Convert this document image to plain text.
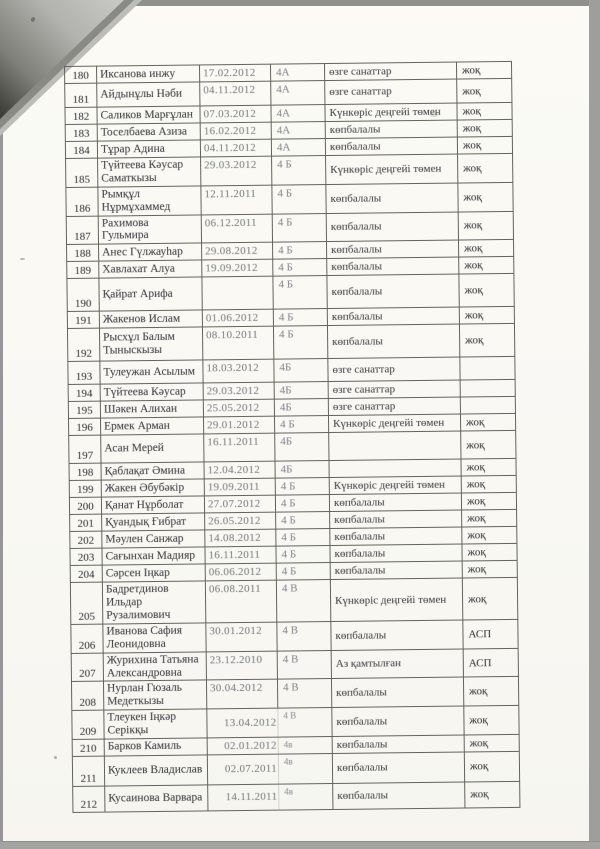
180	Иксанова инжу	17.02.2012	4А	өзге санаттар	жоқ
181	Айдынұлы Нәби	04.11.2012	4А	өзге санаттар	жоқ
182	Саликов Марғұлан	07.03.2012	4А	Күнкөріс деңгейі төмен	жоқ
183	Тоселбаева Азиза	16.02.2012	4А	көпбалалы	жоқ
184	Тұрар Адина	04.11.2012	4А	көпбалалы	жоқ
185	Түйтеева Кәусар Саматкызы	29.03.2012	4 Б	Күнкөріс деңгейі төмен	жоқ
186	Рымқұл Нұрмұхаммед	12.11.2011	4 Б	көпбалалы	жоқ
187	Рахимова Гульмира	06.12.2011	4 Б	көпбалалы	жоқ
188	Анес Гүлжауһар	29.08.2012	4 Б	көпбалалы	жоқ
189	Хавлахат Алуа	19.09.2012	4 Б	көпбалалы	жоқ
190	Қайрат Арифа		4 Б	көпбалалы	жоқ
191	Жакенов Ислам	01.06.2012	4 Б	көпбалалы	жоқ
192	Рысхұл Балым Тыныскызы	08.10.2011	4 Б	көпбалалы	жоқ
193	Тулеужан Асылым	18.03.2012	4Б	өзге санаттар	
194	Түйтеева Кәусар	29.03.2012	4Б	өзге санаттар	
195	Шәкен Алихан	25.05.2012	4Б	өзге санаттар	
196	Ермек Арман	29.01.2012	4 Б	Күнкөріс деңгейі төмен	жоқ
197	Асан Мерей	16.11.2011	4Б		жоқ
198	Қаблақат Әмина	12.04.2012	4Б		жоқ
199	Жакен Әбубәкір	19.09.2011	4 Б	Күнкөріс деңгейі төмен	жоқ
200	Қанат Нұрболат	27.07.2012	4 Б	көпбалалы	жоқ
201	Қуандық Ғибрат	26.05.2012	4 Б	көпбалалы	жоқ
202	Мәулен Санжар	14.08.2012	4 Б	көпбалалы	жоқ
203	Сағынхан Мадияр	16.11.2011	4 Б	көпбалалы	жоқ
204	Сәрсен Іңкар	06.06.2012	4 Б	көпбалалы	жоқ
205	Бадретдинов Ильдар Рузалимович	06.08.2011	4 В	Күнкөріс деңгейі төмен	жоқ
206	Иванова Сафия Леонидовна	30.01.2012	4 В	көпбалалы	АСП
207	Журихина Татьяна Александровна	23.12.2010	4 В	Аз қамтылған	АСП
208	Нурлан Гюзаль Медеткызы	30.04.2012	4 В	көпбалалы	жоқ
209	Тлеукен Іңкәр Серікқы	13.04.2012	4 В	көпбалалы	жоқ
210	Барков Камиль	02.01.2012	4в	көпбалалы	жоқ
211	Куклеев Владислав	02.07.2011	4в	көпбалалы	жоқ
212	Кусаинова Варвара	14.11.2011	4в	көпбалалы	жоқ
